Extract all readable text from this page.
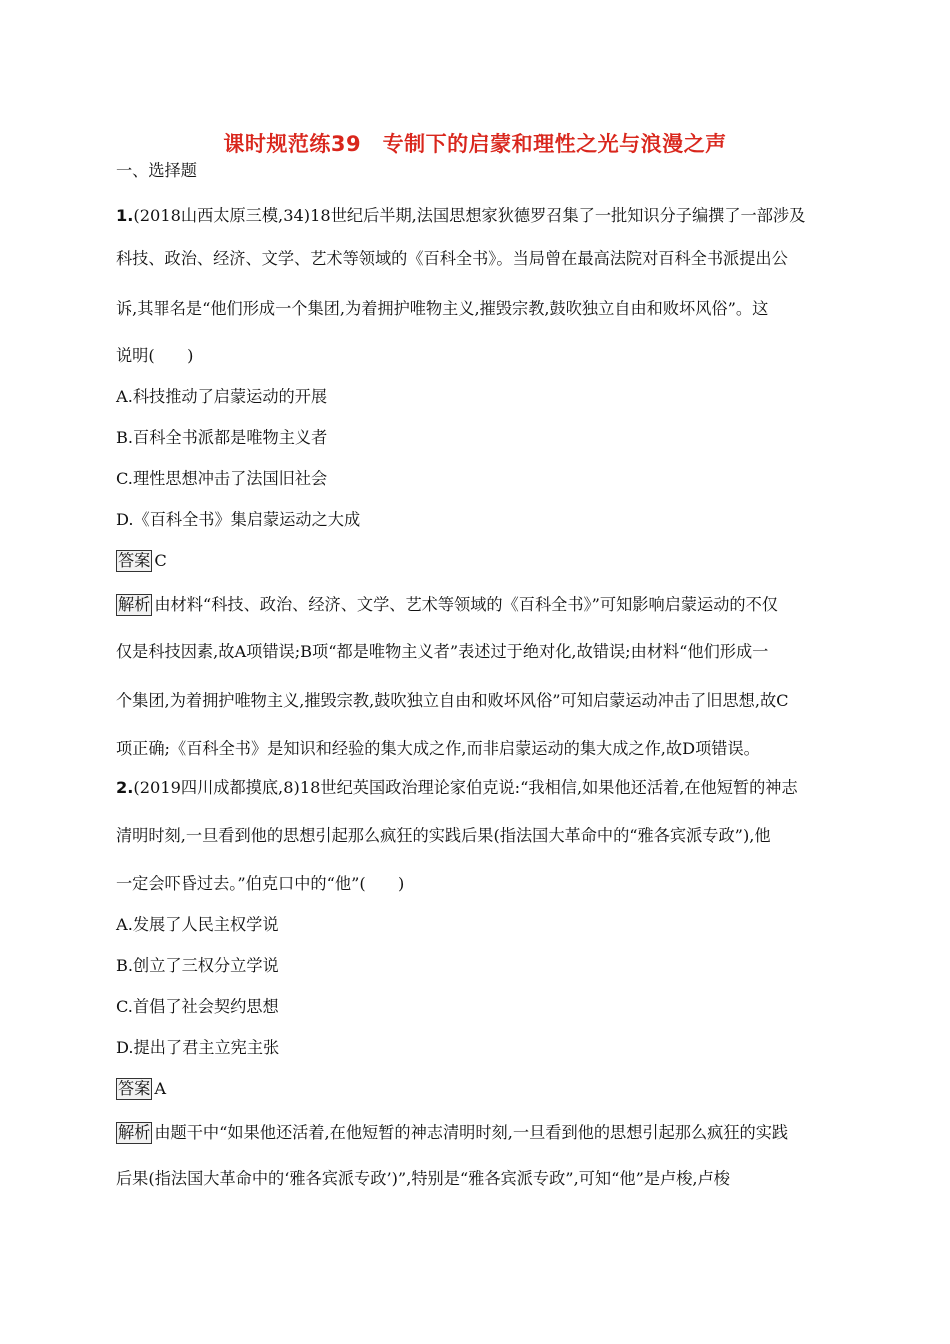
课时规范练39　专制下的启蒙和理性之光与浪漫之声
一、选择题
1.(2018山西太原三模,34)18世纪后半期,法国思想家狄德罗召集了一批知识分子编撰了一部涉及
科技、政治、经济、文学、艺术等领域的《百科全书》。当局曾在最高法院对百科全书派提出公
诉,其罪名是“他们形成一个集团,为着拥护唯物主义,摧毁宗教,鼓吹独立自由和败坏风俗”。这
说明(　　)
A.科技推动了启蒙运动的开展
B.百科全书派都是唯物主义者
C.理性思想冲击了法国旧社会
D.《百科全书》集启蒙运动之大成
答案 C
解析 由材料“科技、政治、经济、文学、艺术等领域的《百科全书》”可知影响启蒙运动的不仅
仅是科技因素,故A项错误;B项“都是唯物主义者”表述过于绝对化,故错误;由材料“他们形成一
个集团,为着拥护唯物主义,摧毁宗教,鼓吹独立自由和败坏风俗”可知启蒙运动冲击了旧思想,故C
项正确;《百科全书》是知识和经验的集大成之作,而非启蒙运动的集大成之作,故D项错误。
2.(2019四川成都摸底,8)18世纪英国政治理论家伯克说:“我相信,如果他还活着,在他短暂的神志
清明时刻,一旦看到他的思想引起那么疯狂的实践后果(指法国大革命中的“雅各宾派专政”),他
一定会吓昏过去。”伯克口中的“他”(　　)
A.发展了人民主权学说
B.创立了三权分立学说
C.首倡了社会契约思想
D.提出了君主立宪主张
答案 A
解析 由题干中“如果他还活着,在他短暂的神志清明时刻,一旦看到他的思想引起那么疯狂的实践
后果(指法国大革命中的‘雅各宾派专政’)”,特别是“雅各宾派专政”,可知“他”是卢梭,卢梭
